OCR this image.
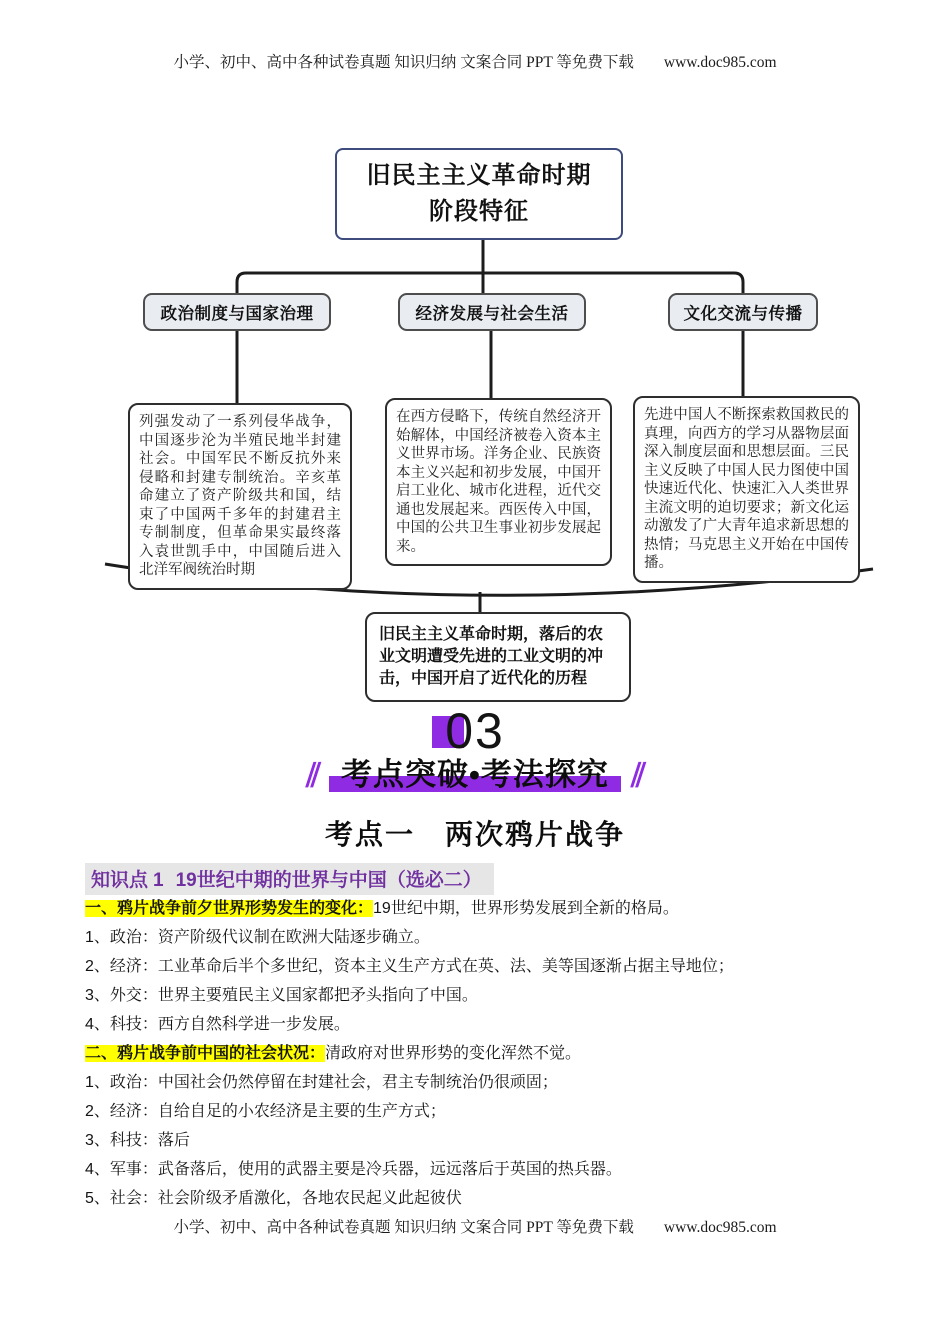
小学、初中、高中各种试卷真题 知识归纳 文案合同 PPT 等免费下载 www.doc985.com
旧民主主义革命时期
阶段特征
政治制度与国家治理	经济发展与社会生活	文化交流与传播
列强发动了一系列侵华战争，中国逐步沦为半殖民地半封建社会。中国军民不断反抗外来侵略和封建专制统治。辛亥革命建立了资产阶级共和国，结束了中国两千多年的封建君主专制制度，但革命果实最终落入袁世凯手中，中国随后进入北洋军阀统治时期
在西方侵略下，传统自然经济开始解体，中国经济被卷入资本主义世界市场。洋务企业、民族资本主义兴起和初步发展，中国开启工业化、城市化进程，近代交通也发展起来。西医传入中国，中国的公共卫生事业初步发展起来。
先进中国人不断探索救国救民的真理，向西方的学习从器物层面深入制度层面和思想层面。三民主义反映了中国人民力图使中国快速近代化、快速汇入人类世界主流文明的迫切要求；新文化运动激发了广大青年追求新思想的热情；马克思主义开始在中国传播。
旧民主主义革命时期，落后的农业文明遭受先进的工业文明的冲击，中国开启了近代化的历程
03
∥ 考点突破•考法探究 ∥
考点一　两次鸦片战争
知识点 1 19世纪中期的世界与中国（选必二）

一、鸦片战争前夕世界形势发生的变化：19世纪中期，世界形势发展到全新的格局。

1、政治：资产阶级代议制在欧洲大陆逐步确立。

2、经济：工业革命后半个多世纪，资本主义生产方式在英、法、美等国逐渐占据主导地位；

3、外交：世界主要殖民主义国家都把矛头指向了中国。

4、科技：西方自然科学进一步发展。

二、鸦片战争前中国的社会状况：清政府对世界形势的变化浑然不觉。

1、政治：中国社会仍然停留在封建社会，君主专制统治仍很顽固；

2、经济：自给自足的小农经济是主要的生产方式；

3、科技：落后

4、军事：武备落后，使用的武器主要是冷兵器，远远落后于英国的热兵器。

5、社会：社会阶级矛盾激化，各地农民起义此起彼伏

小学、初中、高中各种试卷真题 知识归纳 文案合同 PPT 等免费下载 www.doc985.com
